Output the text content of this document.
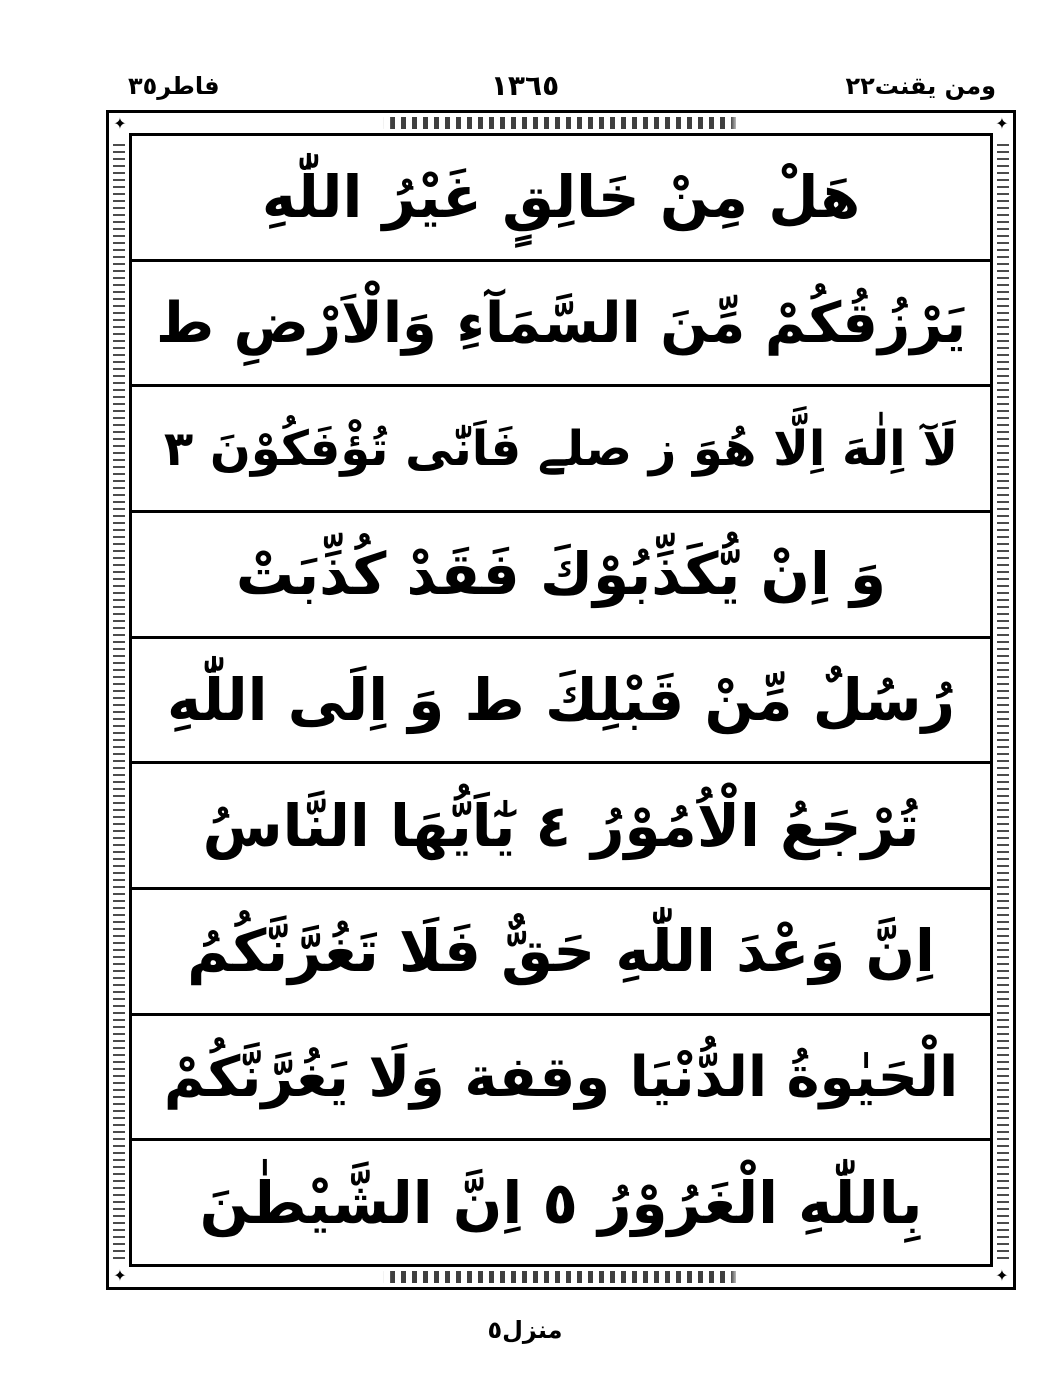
ومن يقنت٢٢
١٣٦٥
فاطر٣٥
✦	✦
✦	✦
هَلْ مِنْ خَالِقٍ غَيْرُ اللّٰهِ
يَرْزُقُكُمْ مِّنَ السَّمَآءِ وَالْاَرْضِ ط
لَآ اِلٰهَ اِلَّا هُوَ ز صلے فَاَنّٰى تُؤْفَكُوْنَ ٣
وَ اِنْ يُّكَذِّبُوْكَ فَقَدْ كُذِّبَتْ
رُسُلٌ مِّنْ قَبْلِكَ ط وَ اِلَى اللّٰهِ
تُرْجَعُ الْاُمُوْرُ ٤ يٰٓاَيُّهَا النَّاسُ
اِنَّ وَعْدَ اللّٰهِ حَقٌّ فَلَا تَغُرَّنَّكُمُ
الْحَيٰوةُ الدُّنْيَا وقفة وَلَا يَغُرَّنَّكُمْ
بِاللّٰهِ الْغَرُوْرُ ٥ اِنَّ الشَّيْطٰنَ
منزل٥
